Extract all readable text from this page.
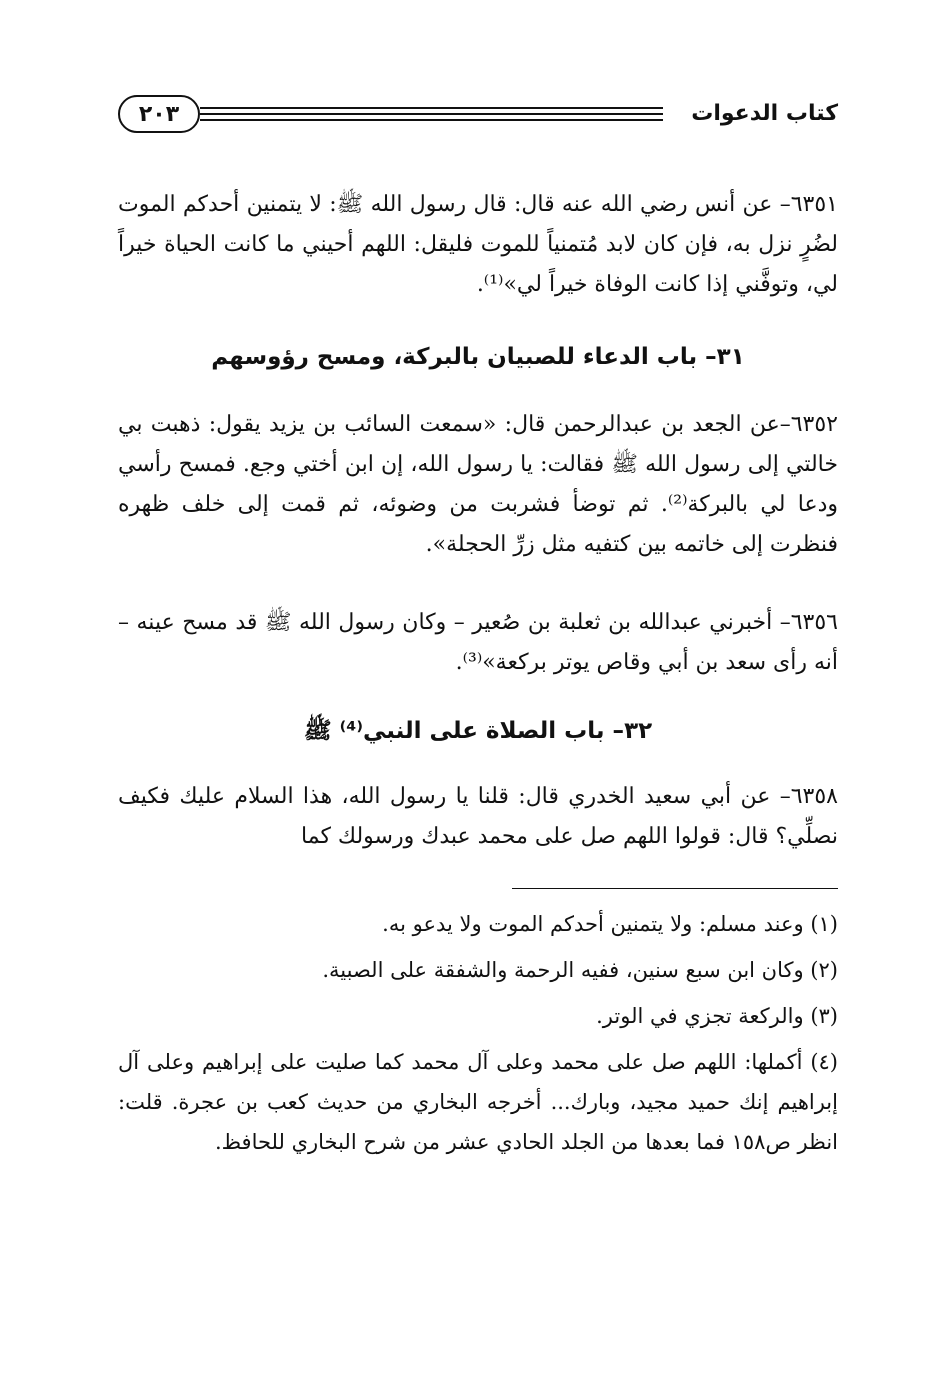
كتاب الدعوات
٢٠٣

٦٣٥١– عن أنس رضي الله عنه قال: قال رسول الله ﷺ: لا يتمنين أحدكم الموت لضُرٍ نزل به، فإن كان لابد مُتمنياً للموت فليقل: اللهم أحيني ما كانت الحياة خيراً لي، وتوفَّني إذا كانت الوفاة خيراً لي»⁽¹⁾.

٣١– باب الدعاء للصبيان بالبركة، ومسح رؤوسهم

٦٣٥٢–عن الجعد بن عبدالرحمن قال: «سمعت السائب بن يزيد يقول: ذهبت بي خالتي إلى رسول الله ﷺ فقالت: يا رسول الله، إن ابن أختي وجع. فمسح رأسي ودعا لي بالبركة⁽²⁾. ثم توضأ فشربت من وضوئه، ثم قمت إلى خلف ظهره فنظرت إلى خاتمه بين كتفيه مثل زرِّ الحجلة».

٦٣٥٦– أخبرني عبدالله بن ثعلبة بن صُعير – وكان رسول الله ﷺ قد مسح عينه – أنه رأى سعد بن أبي وقاص يوتر بركعة»⁽³⁾.

٣٢– باب الصلاة على النبي⁽⁴⁾ ﷺ

٦٣٥٨– عن أبي سعيد الخدري قال: قلنا يا رسول الله، هذا السلام عليك فكيف نصلِّي؟ قال: قولوا اللهم صل على محمد عبدك ورسولك كما

(١) وعند مسلم: ولا يتمنين أحدكم الموت ولا يدعو به.

(٢) وكان ابن سبع سنين، ففيه الرحمة والشفقة على الصبية.

(٣) والركعة تجزي في الوتر.

(٤) أكملها: اللهم صل على محمد وعلى آل محمد كما صليت على إبراهيم وعلى آل إبراهيم إنك حميد مجيد، وبارك... أخرجه البخاري من حديث كعب بن عجرة. قلت: انظر ص١٥٨ فما بعدها من الجلد الحادي عشر من شرح البخاري للحافظ.
